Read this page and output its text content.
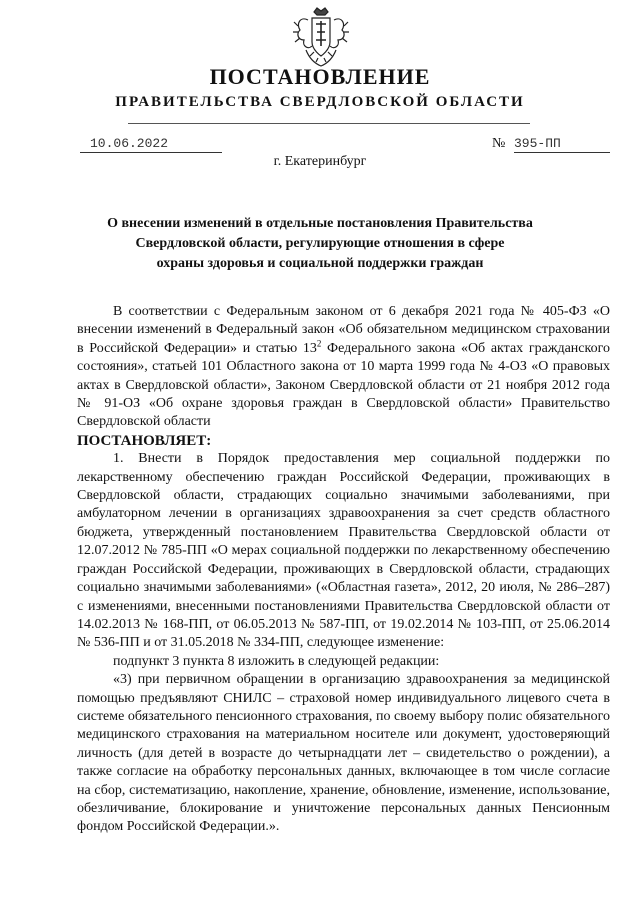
ПОСТАНОВЛЕНИЕ
ПРАВИТЕЛЬСТВА СВЕРДЛОВСКОЙ ОБЛАСТИ
10.06.2022	№ 395-ПП
г. Екатеринбург
О внесении изменений в отдельные постановления Правительства
Свердловской области, регулирующие отношения в сфере
охраны здоровья и социальной поддержки граждан

В соответствии с Федеральным законом от 6 декабря 2021 года № 405-ФЗ «О внесении изменений в Федеральный закон «Об обязательном медицинском страховании в Российской Федерации» и статью $13^2$ Федерального закона «Об актах гражданского состояния», статьей 101 Областного закона от 10 марта 1999 года № 4-ОЗ «О правовых актах в Свердловской области», Законом Свердловской области от 21 ноября 2012 года № 91-ОЗ «Об охране здоровья граждан в Свердловской области» Правительство Свердловской области

ПОСТАНОВЛЯЕТ:

1. Внести в Порядок предоставления мер социальной поддержки по лекарственному обеспечению граждан Российской Федерации, проживающих в Свердловской области, страдающих социально значимыми заболеваниями, при амбулаторном лечении в организациях здравоохранения за счет средств областного бюджета, утвержденный постановлением Правительства Свердловской области от 12.07.2012 № 785-ПП «О мерах социальной поддержки по лекарственному обеспечению граждан Российской Федерации, проживающих в Свердловской области, страдающих социально значимыми заболеваниями» («Областная газета», 2012, 20 июля, № 286–287) с изменениями, внесенными постановлениями Правительства Свердловской области от 14.02.2013 № 168-ПП, от 06.05.2013 № 587-ПП, от 19.02.2014 № 103-ПП, от 25.06.2014 № 536-ПП и от 31.05.2018 № 334-ПП, следующее изменение:

подпункт 3 пункта 8 изложить в следующей редакции:

«3) при первичном обращении в организацию здравоохранения за медицинской помощью предъявляют СНИЛС – страховой номер индивидуального лицевого счета в системе обязательного пенсионного страхования, по своему выбору полис обязательного медицинского страхования на материальном носителе или документ, удостоверяющий личность (для детей в возрасте до четырнадцати лет – свидетельство о рождении), а также согласие на обработку персональных данных, включающее в том числе согласие на сбор, систематизацию, накопление, хранение, обновление, изменение, использование, обезличивание, блокирование и уничтожение персональных данных Пенсионным фондом Российской Федерации.».
